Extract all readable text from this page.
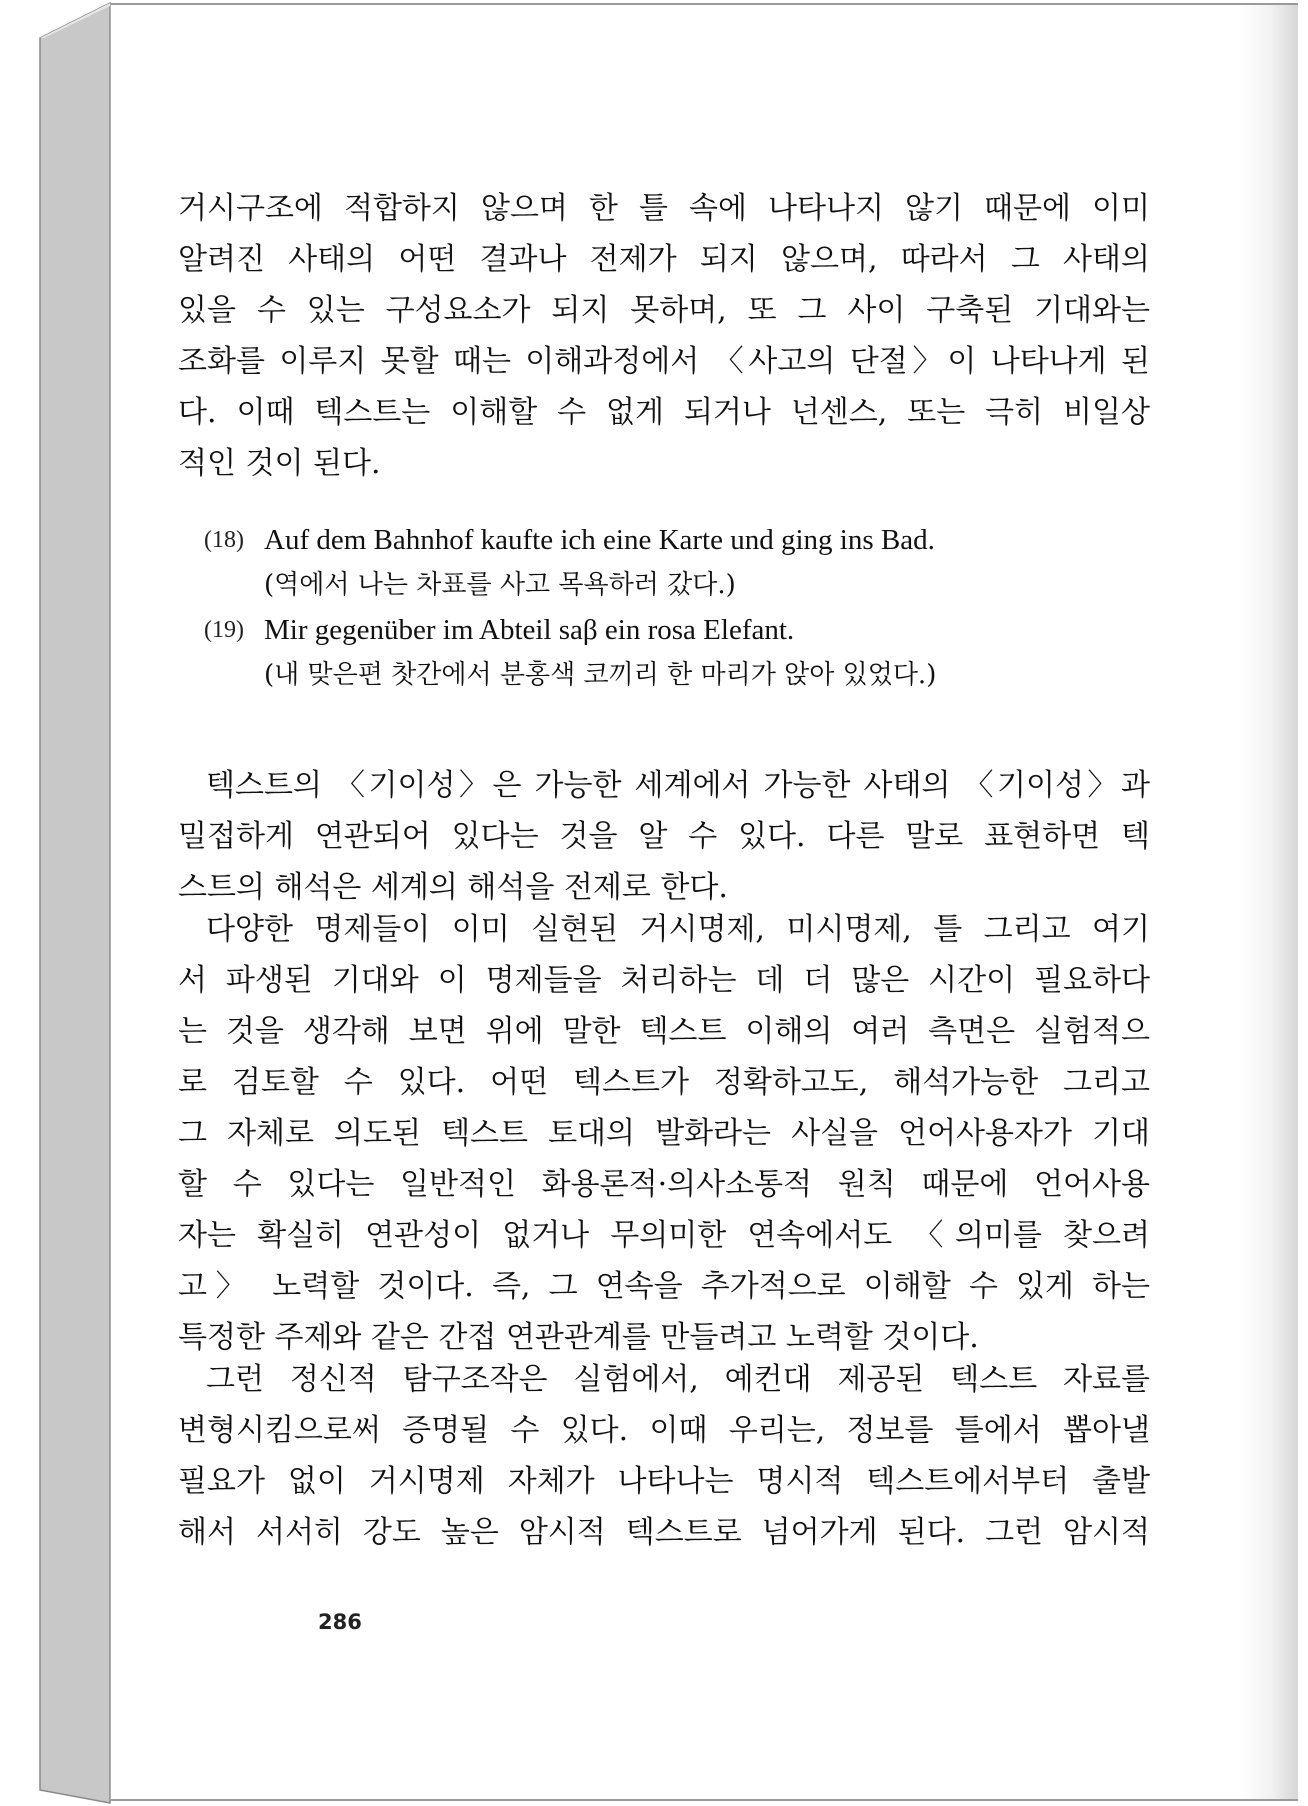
거시구조에 적합하지 않으며 한 틀 속에 나타나지 않기 때문에 이미
알려진 사태의 어떤 결과나 전제가 되지 않으며, 따라서 그 사태의
있을 수 있는 구성요소가 되지 못하며, 또 그 사이 구축된 기대와는
조화를 이루지 못할 때는 이해과정에서 〈사고의 단절〉이 나타나게 된
다. 이때 텍스트는 이해할 수 없게 되거나 넌센스, 또는 극히 비일상
적인 것이 된다.
(18) Auf dem Bahnhof kaufte ich eine Karte und ging ins Bad.
(역에서 나는 차표를 사고 목욕하러 갔다.)
(19) Mir gegenüber im Abteil saβ ein rosa Elefant.
(내 맞은편 찻간에서 분홍색 코끼리 한 마리가 앉아 있었다.)
텍스트의 〈기이성〉은 가능한 세계에서 가능한 사태의 〈기이성〉과
밀접하게 연관되어 있다는 것을 알 수 있다. 다른 말로 표현하면 텍
스트의 해석은 세계의 해석을 전제로 한다.
다양한 명제들이 이미 실현된 거시명제, 미시명제, 틀 그리고 여기
서 파생된 기대와 이 명제들을 처리하는 데 더 많은 시간이 필요하다
는 것을 생각해 보면 위에 말한 텍스트 이해의 여러 측면은 실험적으
로 검토할 수 있다. 어떤 텍스트가 정확하고도, 해석가능한 그리고
그 자체로 의도된 텍스트 토대의 발화라는 사실을 언어사용자가 기대
할 수 있다는 일반적인 화용론적·의사소통적 원칙 때문에 언어사용
자는 확실히 연관성이 없거나 무의미한 연속에서도 〈의미를 찾으려
고〉 노력할 것이다. 즉, 그 연속을 추가적으로 이해할 수 있게 하는
특정한 주제와 같은 간접 연관관계를 만들려고 노력할 것이다.
그런 정신적 탐구조작은 실험에서, 예컨대 제공된 텍스트 자료를
변형시킴으로써 증명될 수 있다. 이때 우리는, 정보를 틀에서 뽑아낼
필요가 없이 거시명제 자체가 나타나는 명시적 텍스트에서부터 출발
해서 서서히 강도 높은 암시적 텍스트로 넘어가게 된다. 그런 암시적
286
